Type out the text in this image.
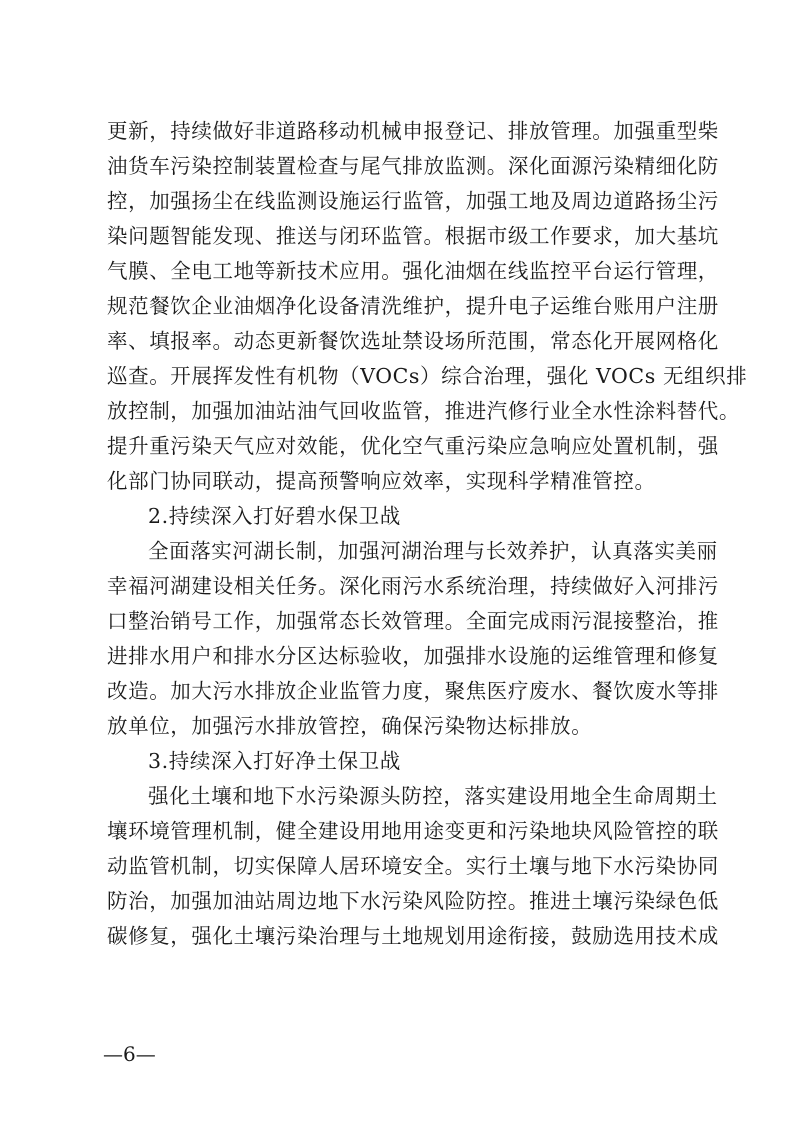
更新，持续做好非道路移动机械申报登记、排放管理。加强重型柴
油货车污染控制装置检查与尾气排放监测。深化面源污染精细化防
控，加强扬尘在线监测设施运行监管，加强工地及周边道路扬尘污
染问题智能发现、推送与闭环监管。根据市级工作要求，加大基坑
气膜、全电工地等新技术应用。强化油烟在线监控平台运行管理，
规范餐饮企业油烟净化设备清洗维护，提升电子运维台账用户注册
率、填报率。动态更新餐饮选址禁设场所范围，常态化开展网格化
巡查。开展挥发性有机物（VOCs）综合治理，强化 VOCs 无组织排
放控制，加强加油站油气回收监管，推进汽修行业全水性涂料替代。
提升重污染天气应对效能，优化空气重污染应急响应处置机制，强
化部门协同联动，提高预警响应效率，实现科学精准管控。
2.持续深入打好碧水保卫战
全面落实河湖长制，加强河湖治理与长效养护，认真落实美丽
幸福河湖建设相关任务。深化雨污水系统治理，持续做好入河排污
口整治销号工作，加强常态长效管理。全面完成雨污混接整治，推
进排水用户和排水分区达标验收，加强排水设施的运维管理和修复
改造。加大污水排放企业监管力度，聚焦医疗废水、餐饮废水等排
放单位，加强污水排放管控，确保污染物达标排放。
3.持续深入打好净土保卫战
强化土壤和地下水污染源头防控，落实建设用地全生命周期土
壤环境管理机制，健全建设用地用途变更和污染地块风险管控的联
动监管机制，切实保障人居环境安全。实行土壤与地下水污染协同
防治，加强加油站周边地下水污染风险防控。推进土壤污染绿色低
碳修复，强化土壤污染治理与土地规划用途衔接，鼓励选用技术成
—6—
